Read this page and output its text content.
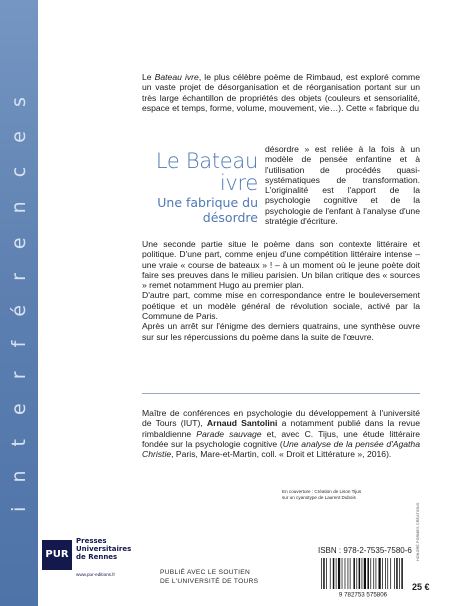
i n t e r f é r e n c e s	Le Bateau ivre
Une fabrique du désordre

Le Bateau ivre, le plus célèbre poème de Rimbaud, est exploré comme un vaste projet de désorganisation et de réorganisation portant sur un très large échantillon de propriétés des objets (couleurs et sensorialité, espace et temps, forme, volume, mouvement, vie…). Cette « fabrique du

désordre » est reliée à la fois à un modèle de pensée enfantine et à l'utilisation de procédés quasi-systématiques de transformation. L'originalité est l'apport de la psychologie cognitive et de la psychologie de l'enfant à l'analyse d'une stratégie d'écriture.

Une seconde partie situe le poème dans son contexte littéraire et politique. D'une part, comme enjeu d'une compétition littéraire intense – une vraie « course de bateaux » ! – à un moment où le jeune poète doit faire ses preuves dans le milieu parisien. Un bilan critique des « sources » remet notamment Hugo au premier plan.
D'autre part, comme mise en correspondance entre le bouleversement poétique et un modèle général de révolution sociale, activé par la Commune de Paris.
Après un arrêt sur l'énigme des derniers quatrains, une synthèse ouvre sur sur les répercussions du poème dans la suite de l'œuvre.

Maître de conférences en psychologie du développement à l'université de Tours (IUT), Arnaud Santolini a notamment publié dans la revue rimbaldienne Parade sauvage et, avec C. Tijus, une étude littéraire fondée sur la psychologie cognitive (Une analyse de la pensée d'Agatha Christie, Paris, Mare-et-Martin, coll. « Droit et Littérature », 2016).

En couverture : Création de Lison Tijus
sur un cyanotype de Laurent Dubois
PUR
Presses
Universitaires
de Rennes
www.pur-editions.fr	PUBLIÉ AVEC LE SOUTIEN
DE L'UNIVERSITÉ DE TOURS
ISBN : 978-2-7535-7580-6
9 782753 575806
25 €
HONORÉ FORMES CRÉATIONS
